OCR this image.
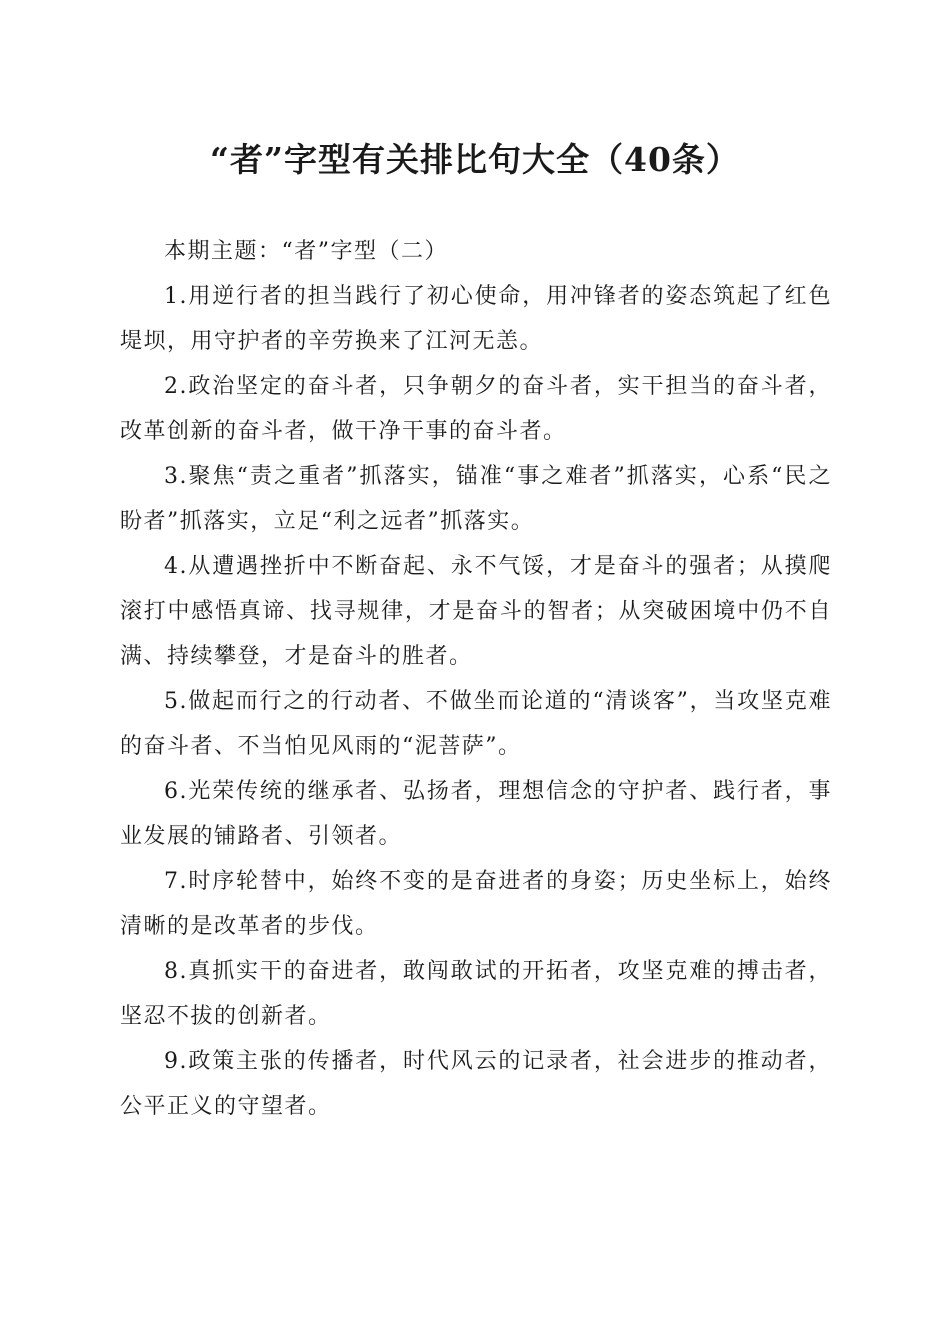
“者”字型有关排比句大全（40条）

本期主题：“者”字型（二）

1.用逆行者的担当践行了初心使命，用冲锋者的姿态筑起了红色堤坝，用守护者的辛劳换来了江河无恙。

2.政治坚定的奋斗者，只争朝夕的奋斗者，实干担当的奋斗者，改革创新的奋斗者，做干净干事的奋斗者。

3.聚焦“责之重者”抓落实，锚准“事之难者”抓落实，心系“民之盼者”抓落实，立足“利之远者”抓落实。

4.从遭遇挫折中不断奋起、永不气馁，才是奋斗的强者；从摸爬滚打中感悟真谛、找寻规律，才是奋斗的智者；从突破困境中仍不自满、持续攀登，才是奋斗的胜者。

5.做起而行之的行动者、不做坐而论道的“清谈客”，当攻坚克难的奋斗者、不当怕见风雨的“泥菩萨”。

6.光荣传统的继承者、弘扬者，理想信念的守护者、践行者，事业发展的铺路者、引领者。

7.时序轮替中，始终不变的是奋进者的身姿；历史坐标上，始终清晰的是改革者的步伐。

8.真抓实干的奋进者，敢闯敢试的开拓者，攻坚克难的搏击者，坚忍不拔的创新者。

9.政策主张的传播者，时代风云的记录者，社会进步的推动者，公平正义的守望者。
